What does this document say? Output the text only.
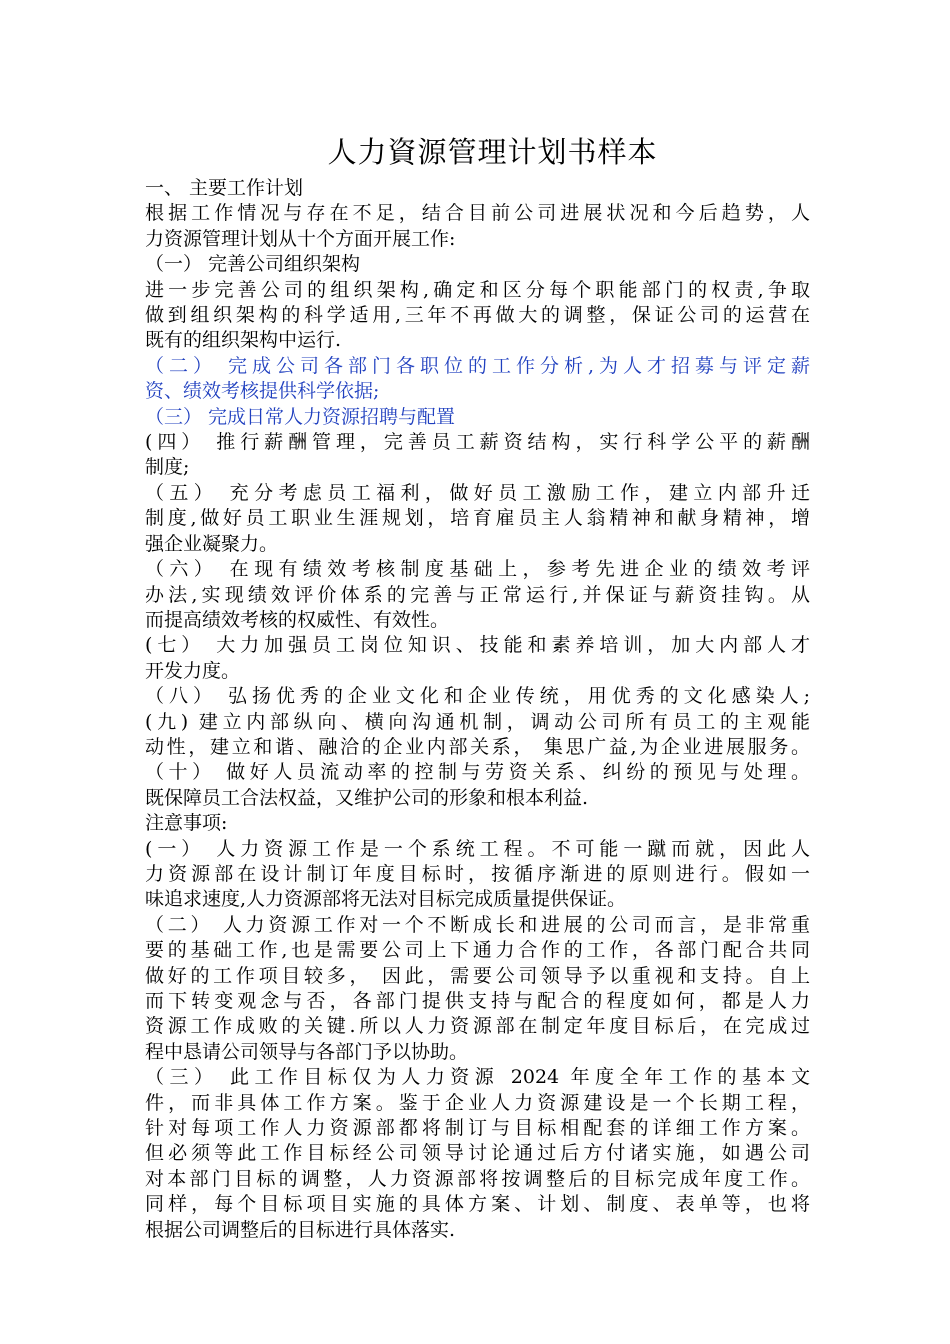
人力資源管理计划书样本

一、 主要工作计划

根据工作情况与存在不足，结合目前公司进展状况和今后趋势，人

力资源管理计划从十个方面开展工作:

（一） 完善公司组织架构

进一步完善公司的组织架构,确定和区分每个职能部门的权责,争取

做到组织架构的科学适用,三年不再做大的调整，保证公司的运营在

既有的组织架构中运行.

（二） 完成公司各部门各职位的工作分析,为人才招募与评定薪

资、绩效考核提供科学依据;

（三） 完成日常人力资源招聘与配置

(四） 推行薪酬管理，完善员工薪资结构，实行科学公平的薪酬

制度;

（五） 充分考虑员工福利，做好员工激励工作，建立内部升迁

制度,做好员工职业生涯规划，培育雇员主人翁精神和献身精神，增

强企业凝聚力。

（六） 在现有绩效考核制度基础上，参考先进企业的绩效考评

办法,实现绩效评价体系的完善与正常运行,并保证与薪资挂钩。从

而提高绩效考核的权威性、有效性。

(七） 大力加强员工岗位知识、技能和素养培训，加大内部人才

开发力度。

（八） 弘扬优秀的企业文化和企业传统，用优秀的文化感染人;

(九) 建立内部纵向、横向沟通机制，调动公司所有员工的主观能

动性，建立和谐、融洽的企业内部关系， 集思广益,为企业进展服务。

（十） 做好人员流动率的控制与劳资关系、纠纷的预见与处理。

既保障员工合法权益，又维护公司的形象和根本利益.

注意事项:

(一） 人力资源工作是一个系统工程。不可能一蹴而就，因此人

力资源部在设计制订年度目标时，按循序渐进的原则进行。假如一

味追求速度,人力资源部将无法对目标完成质量提供保证。

（二） 人力资源工作对一个不断成长和进展的公司而言，是非常重

要的基础工作,也是需要公司上下通力合作的工作，各部门配合共同

做好的工作项目较多， 因此，需要公司领导予以重视和支持。自上

而下转变观念与否，各部门提供支持与配合的程度如何，都是人力

资源工作成败的关键.所以人力资源部在制定年度目标后，在完成过

程中恳请公司领导与各部门予以协助。

（三） 此工作目标仅为人力资源 2024 年度全年工作的基本文

件，而非具体工作方案。鉴于企业人力资源建设是一个长期工程，

针对每项工作人力资源部都将制订与目标相配套的详细工作方案。

但必须等此工作目标经公司领导讨论通过后方付诸实施，如遇公司

对本部门目标的调整，人力资源部将按调整后的目标完成年度工作。

同样，每个目标项目实施的具体方案、计划、制度、表单等，也将

根据公司调整后的目标进行具体落实.
